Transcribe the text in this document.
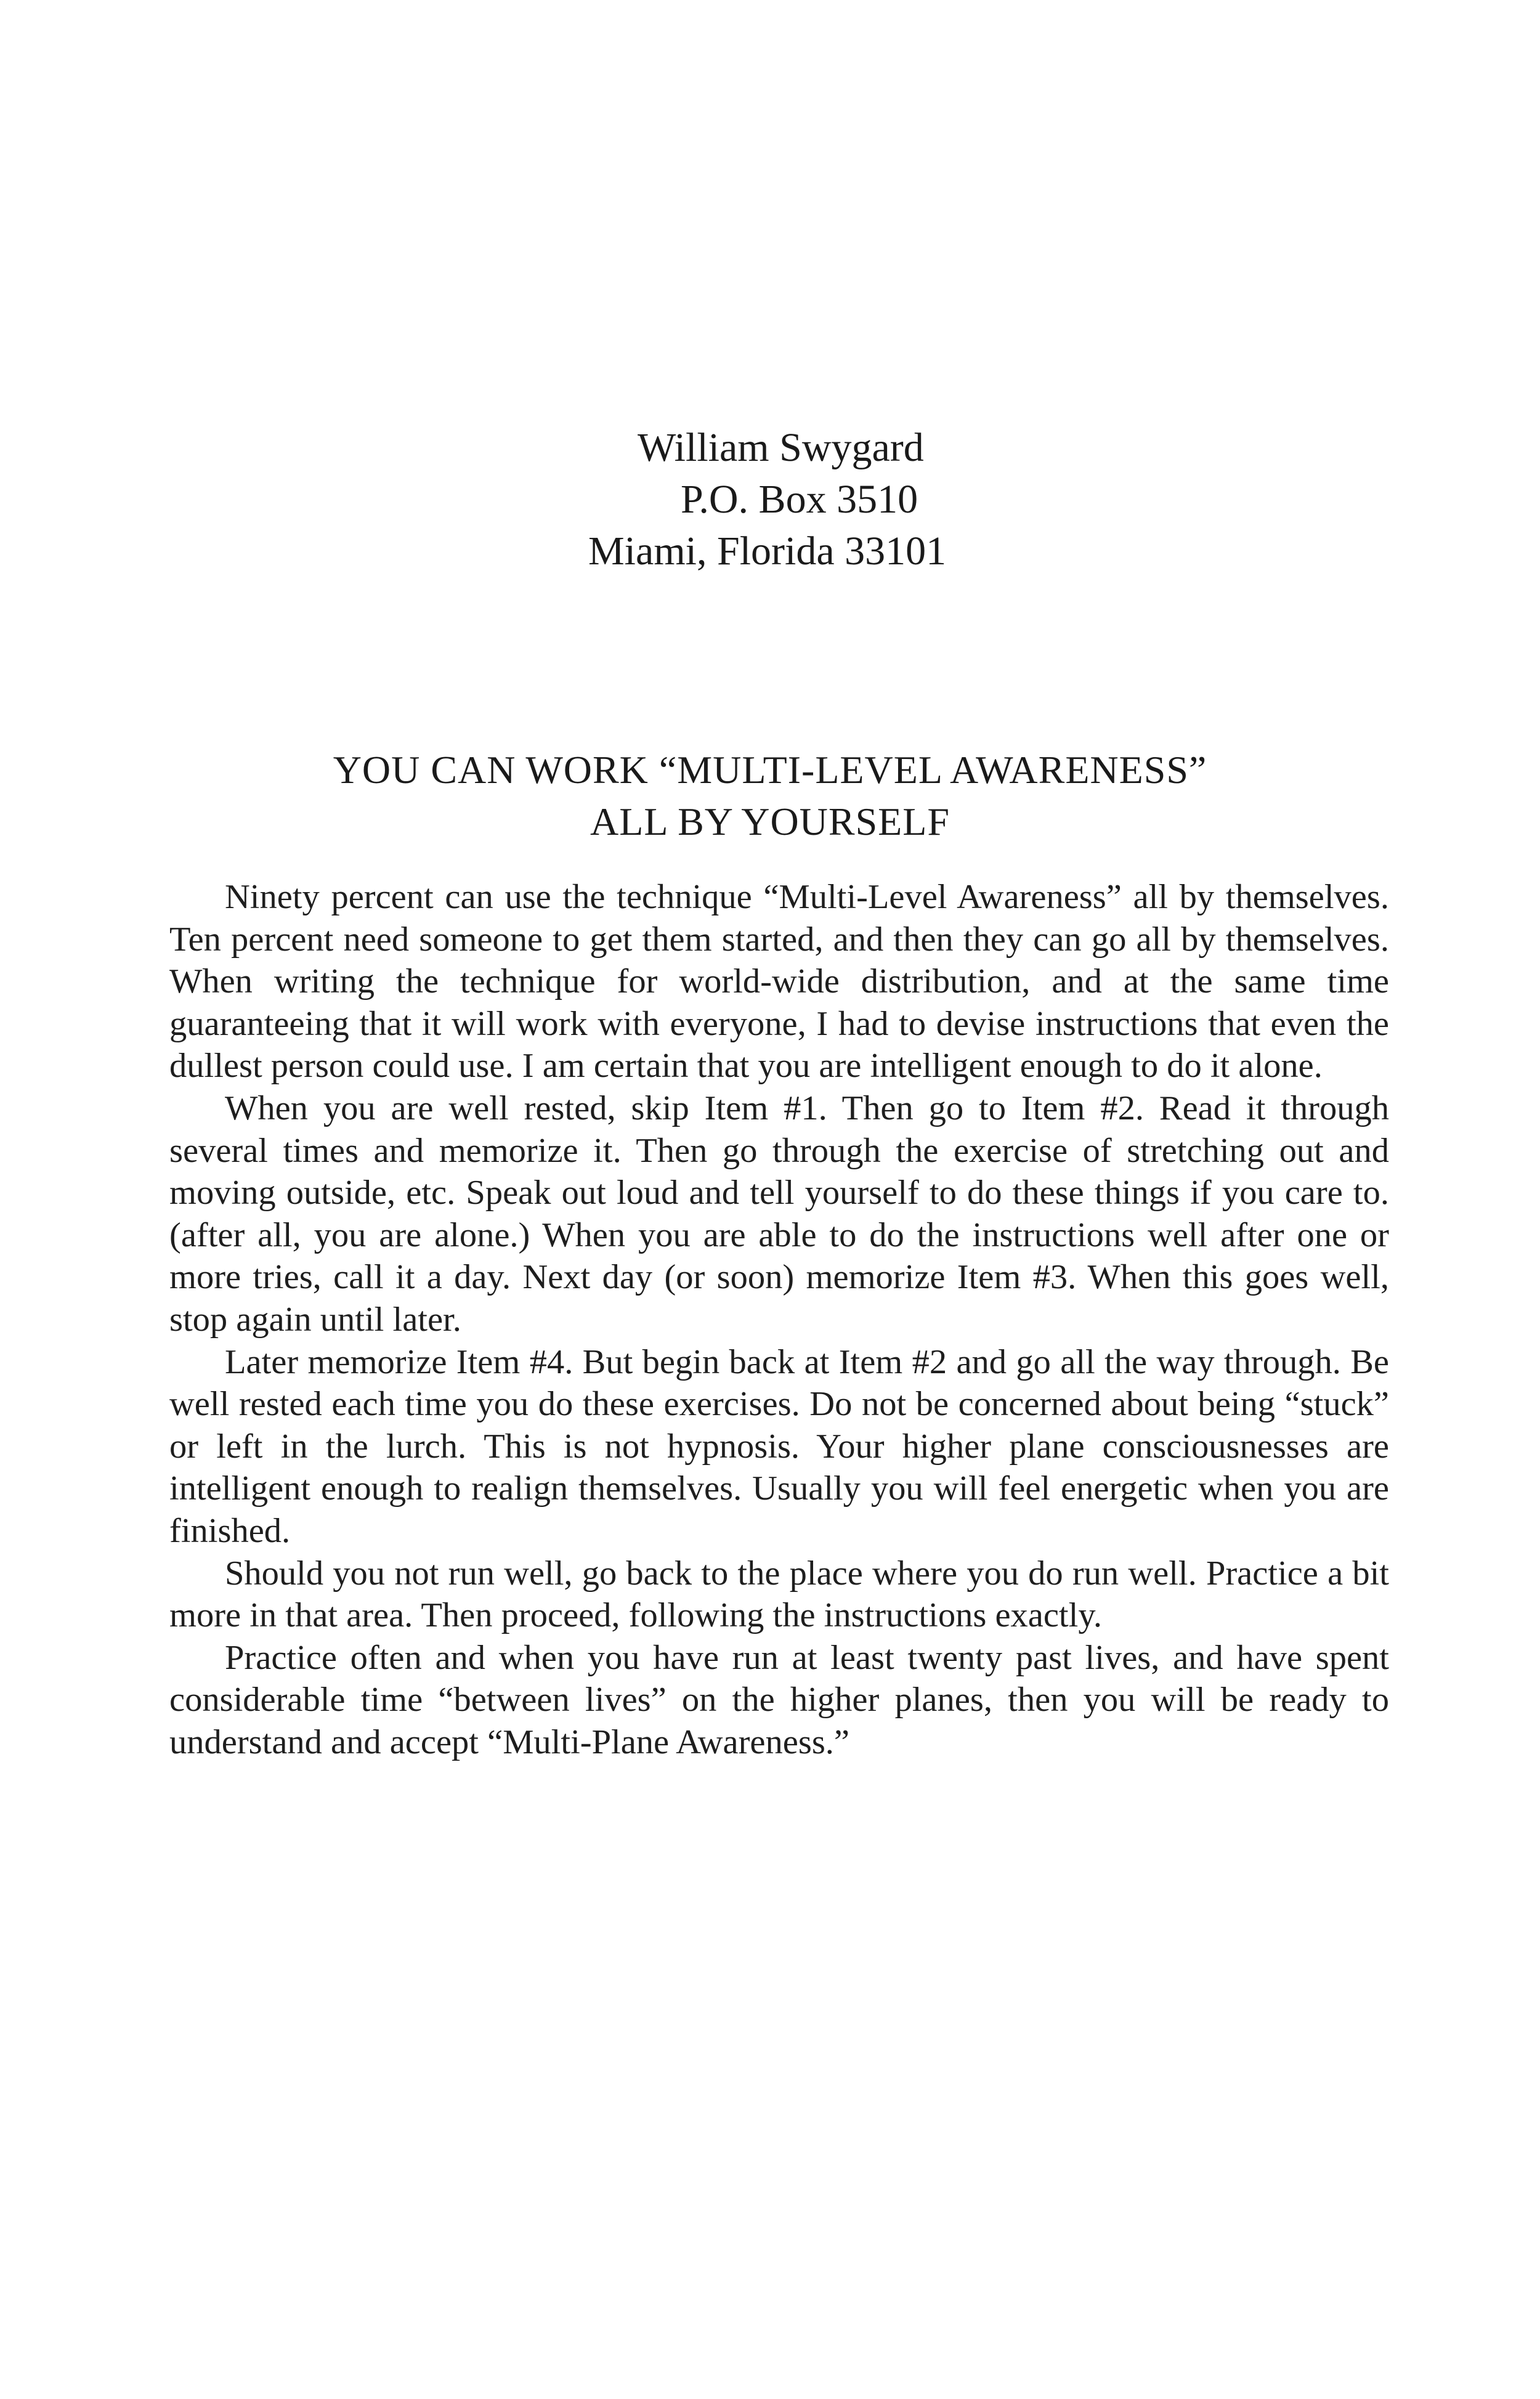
William Swygard
P.O. Box 3510
Miami, Florida 33101
YOU CAN WORK “MULTI-LEVEL AWARENESS”
ALL BY YOURSELF

Ninety percent can use the technique “Multi-Level Awareness” all by themselves. Ten percent need someone to get them started, and then they can go all by themselves. When writing the technique for world-wide distribution, and at the same time guaranteeing that it will work with everyone, I had to devise instructions that even the dullest person could use. I am certain that you are intelligent enough to do it alone.

When you are well rested, skip Item #1. Then go to Item #2. Read it through several times and memorize it. Then go through the exercise of stretching out and moving outside, etc. Speak out loud and tell yourself to do these things if you care to. (after all, you are alone.) When you are able to do the instructions well after one or more tries, call it a day. Next day (or soon) memorize Item #3. When this goes well, stop again until later.

Later memorize Item #4. But begin back at Item #2 and go all the way through. Be well rested each time you do these exercises. Do not be concerned about being “stuck” or left in the lurch. This is not hypnosis. Your higher plane consciousnesses are intelligent enough to realign themselves. Usually you will feel energetic when you are finished.

Should you not run well, go back to the place where you do run well. Practice a bit more in that area. Then proceed, following the instructions exactly.

Practice often and when you have run at least twenty past lives, and have spent considerable time “between lives” on the higher planes, then you will be ready to understand and accept “Multi-Plane Awareness.”
